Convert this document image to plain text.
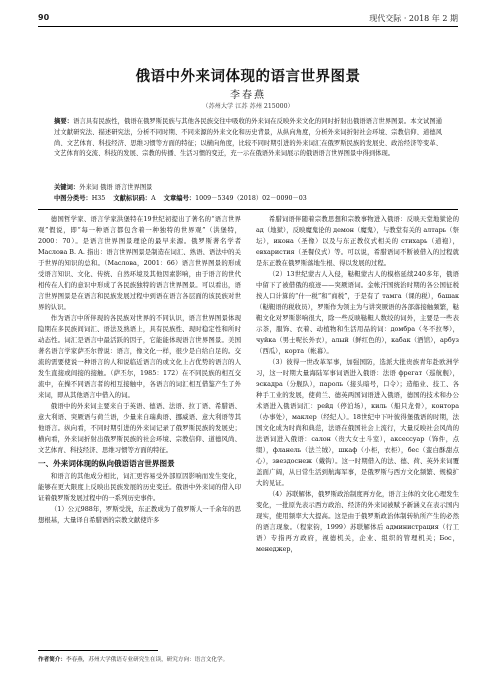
90	现代交际 · 2018 年 2 期
俄语中外来词体现的语言世界图景
李春燕
（苏州大学 江苏 苏州 215000）
摘要：语言具有民族性，俄语在俄罗斯民族与其他各民族交往中吸收的外来词在反映外来文化的同时折射出俄语语言世界图景。本文试图通过文献研究法、描述研究法，分析不同时期、不同来源的外来文化和历史背景，从纵向角度，分析外来词折射社会环境、宗教信仰、道德风尚、文艺体育、科技经济、思维习惯等方面的特征；以横向角度，比较不同时期引进的外来词汇在俄罗斯民族的发展史、政治经济等变革、文艺体育的交流、科技的发展、宗教的传播、生活习惯的变迁，充一示在俄语外来词展示的俄语语言世界图景中得到体现。
关键词：外来词 俄语 语言世界图景
中图分类号：H35 文献标识码：A 文章编号：1009－5349（2018）02－0090－03

德国哲学家、语言学家洪堡特在19世纪初提出了著名的“语言世界观”假说，即“每一种语言都包含着一种独特的世界观”（洪堡特，2000：70）。是语言世界图景理论的最早来源。俄罗斯著名学者 Маслова В. А. 指出：语言世界图景是制造在词汇、熟语、语法中的关于世界的知识的总和。（Маслова，2001：66）语言世界图景的形成受语言知识、文化、传统、自然环境及其他因素影响，由于语言的世代相传在人们的意识中形成了各民族独特的语言世界图景。可以看出，语言世界图景是在语言和民族发展过程中到语在语言各层面的该民族对世界的认识。

作为语言中所伴现的各民族对世界的不同认识，语言世界图景体现隐期在多民族间词汇、语法及熟语上，具有民族性、现时稳定性和所时动态性。词汇是语言中最活跃的因子，它能能体现语言世界图景。美国著名语言学家萨丕尔曾说：语言，像文化一样，很少是自给自足的。交流的需要使说一种语言的人和说临近语言的或文化上占优势的语言的人发生直接或间接的接触。（萨丕尔，1985：172）在不同民族的相互交流中，在操不同语言者的相互接触中，各语言的词汇相互借鉴产生了外来词，即从其他语言中借入的词。

俄语中的外来词主要来自于英语、德语、法语、拉丁语、希腊语、意大利语、突厥语与荷兰语，少量来自瑞典语、挪威语、意大利语等其他语言。纵向看，不同时期引进的外来词记录了俄罗斯民族的发展史；横向看，外来词折射出俄罗斯民族的社会环境、宗教信仰、道德风尚、文艺体育、科技经济、思维习惯等方面的特征。

一、外来词体现的纵向俄语语言世界图景

和语言的其他成分相比，词汇更容易受外部原因影响而发生变化，能够在更大限度上反映出民族发展的历史变迁。俄语中外来词的借入印证着俄罗斯发展过程中的一系列历史事件。

（1）公元988年，罗斯受洗，东正教成为了俄罗斯人一千余年的思想根基，大量译自希腊语的宗教文献使许多

希腊词语伴随着宗教思想和宗教事物进入俄语：反映天堂地狱论的 ад（地狱），反映魔鬼论的 демон（魔鬼），与教堂有关的 алтарь（祭坛），икона（圣像）以及与东正教仪式相关的 стихарь（道袍），евхаристия（圣餐仪式）等。可以说，希腊语词不断被借入的过程就是东正教在俄罗斯落地生根、得以发展的过程。

（2）13世纪蒙古人入侵，鞑靼蒙古人的模格延续240多年，俄语中留下了被借俄的痕迹——突厥语词。金帐汗国统治时期的各公国征税按人口计算的“什一税”和“商税”，于是有了 тамга（课的税），башак（鞑靼语的税收员），罗斯作为领主为与讲突厥语的各部落接触频繁，鞑靼文化对罗斯影响很大，除一些反映鞑靼人数绞的词外，主要是一些表示茶，服饰、衣着、动植物和生活用品的词：домбра（冬不拉琴），чуйка（男士呢长外衣），алый（鲜红色的），кабак（酒馆），арбуз（西瓜），корта（帐幕）。

（3）彼得一世改革军事，加强国防，选派大批贵族青年赴欧洲学习，这一时期大量海陆军事词语进入俄语：法语 фрегат（巡航舰），эскадра（分舰队），пароль（接头暗号，口令）；造船业、技工、各种手工业的发展，使荷兰、德英两国词语进入俄语，德国的技术和办公术语进入俄语词汇：рейд（停泊场），киль（船只龙骨），контора（办事处），маклер（经纪人）。18世纪中下叶彼得堡俄语的时期，法国文化成为时尚和典范，法语在俄国社会上流行，大量反映社会风尚的法语词进入俄语：салон（贵大女士斗室），аксессуар（饰件，点缀），фланель（法兰绒），шкаф（小柜，衣柜），бес（蛮白酥甜点心），звездоснеж（戴钩）。这一时期借入的法、德、荷、英外来词覆盖面广阔，从日常生活到航海军事，是俄罗斯与西方文化频繁、规模扩大的见证。

（4）苏联解体，俄罗斯政治制度再方化，语言主体的文化心理发生变化，一批原先表示西方政治、经济的外来词被赋予新涵义在表示国内现实，使用频率大大提高。这是由于俄罗斯政治体制转轨所产生的必然的语言现象。（程家钧，1999）苏联解体后 администрация（行工语）专指再方政府，视德机关，企业、组织的管理机关；Бос，менеджер，

作者简介：李春燕，苏州大学俄语专业研究生在读，研究方向：语言文化学。
